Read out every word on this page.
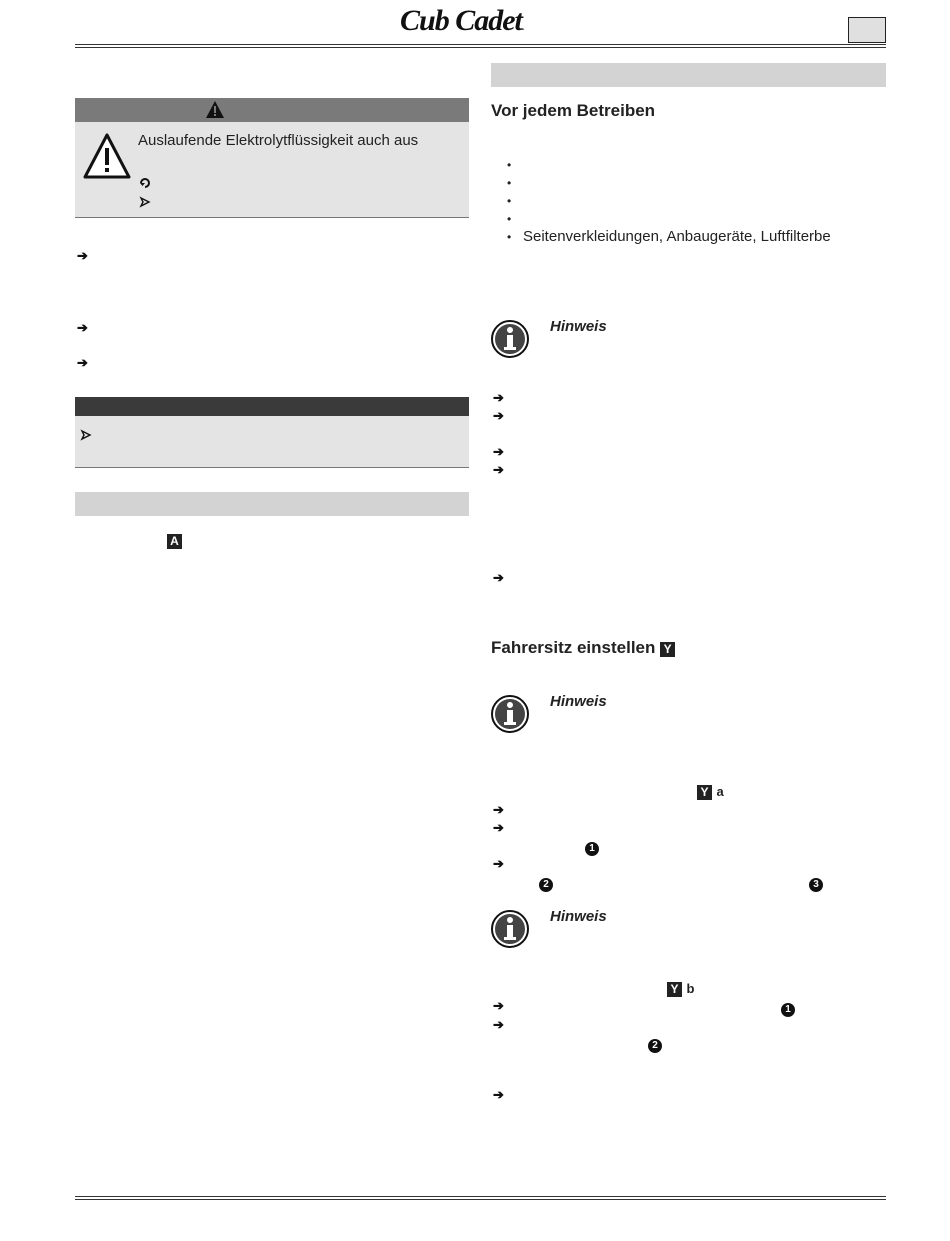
Cub Cadet.
Auslaufende Elektrolytflüssigkeit auch aus
➔
➔
➔
A
Vor jedem Betreiben
•
•
•
•
• Seitenverkleidungen, Anbaugeräte, Luftfilterbe
Hinweis
➔
➔
➔
➔
➔
Fahrersitz einstellen Y
Hinweis
Y a
➔
➔
1
➔
2	3
Hinweis
Y b
➔	1
➔
2
➔
